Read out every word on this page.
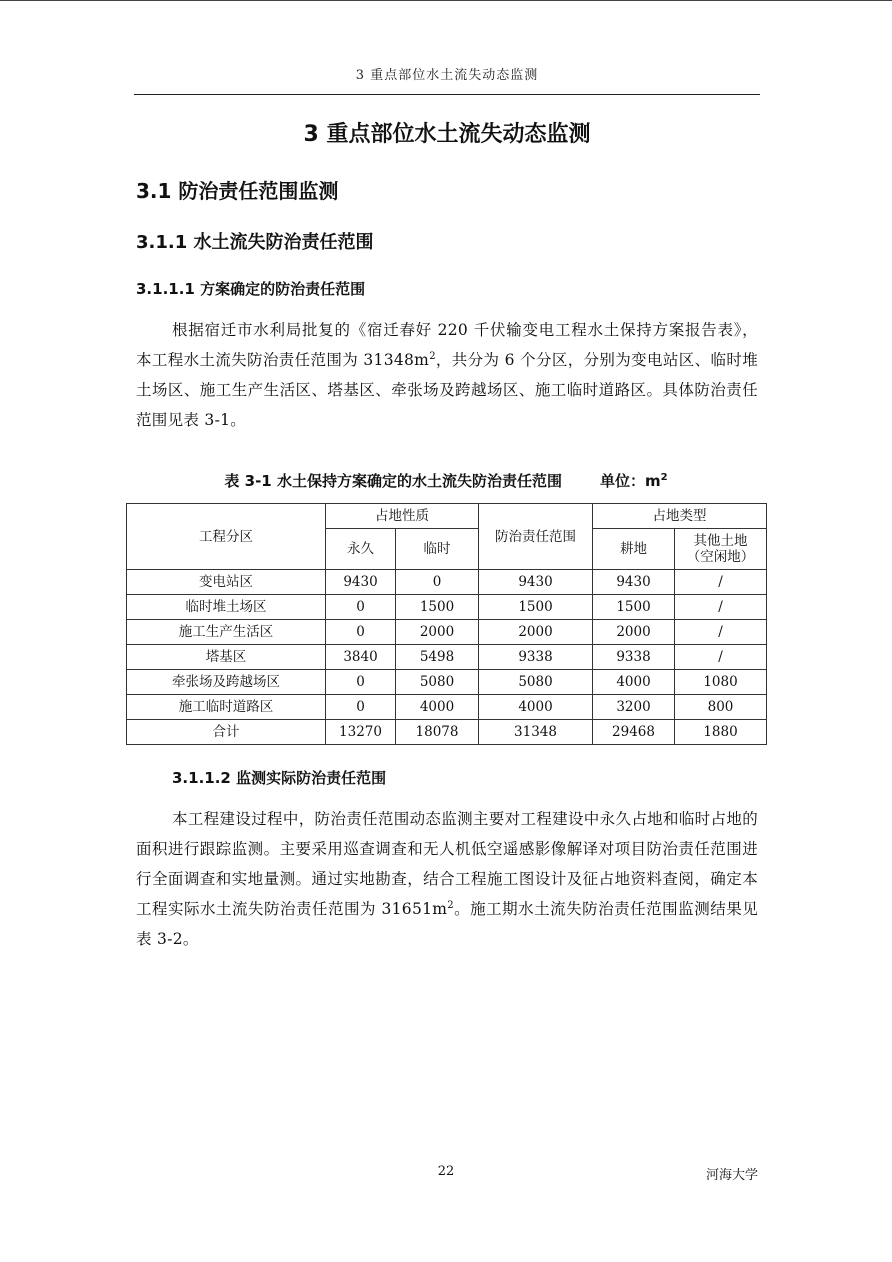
3 重点部位水土流失动态监测
3 重点部位水土流失动态监测
3.1 防治责任范围监测
3.1.1 水土流失防治责任范围
3.1.1.1 方案确定的防治责任范围
根据宿迁市水利局批复的《宿迁春好 220 千伏输变电工程水土保持方案报告表》，本工程水土流失防治责任范围为 $31348m^2$，共分为 6 个分区，分别为变电站区、临时堆土场区、施工生产生活区、塔基区、牵张场及跨越场区、施工临时道路区。具体防治责任范围见表 3-1。
表 3-1 水土保持方案确定的水土流失防治责任范围	单位：$m^2$
工程分区	占地性质		防治责任范围	占地类型	
	永久	临时		耕地	其他土地
（空闲地）
变电站区	9430	0	9430	9430	/
临时堆土场区	0	1500	1500	1500	/
施工生产生活区	0	2000	2000	2000	/
塔基区	3840	5498	9338	9338	/
牵张场及跨越场区	0	5080	5080	4000	1080
施工临时道路区	0	4000	4000	3200	800
合计	13270	18078	31348	29468	1880
3.1.1.2 监测实际防治责任范围
本工程建设过程中，防治责任范围动态监测主要对工程建设中永久占地和临时占地的面积进行跟踪监测。主要采用巡查调查和无人机低空遥感影像解译对项目防治责任范围进行全面调查和实地量测。通过实地勘查，结合工程施工图设计及征占地资料查阅，确定本工程实际水土流失防治责任范围为 $31651m^2$。施工期水土流失防治责任范围监测结果见表 3-2。
22	河海大学
